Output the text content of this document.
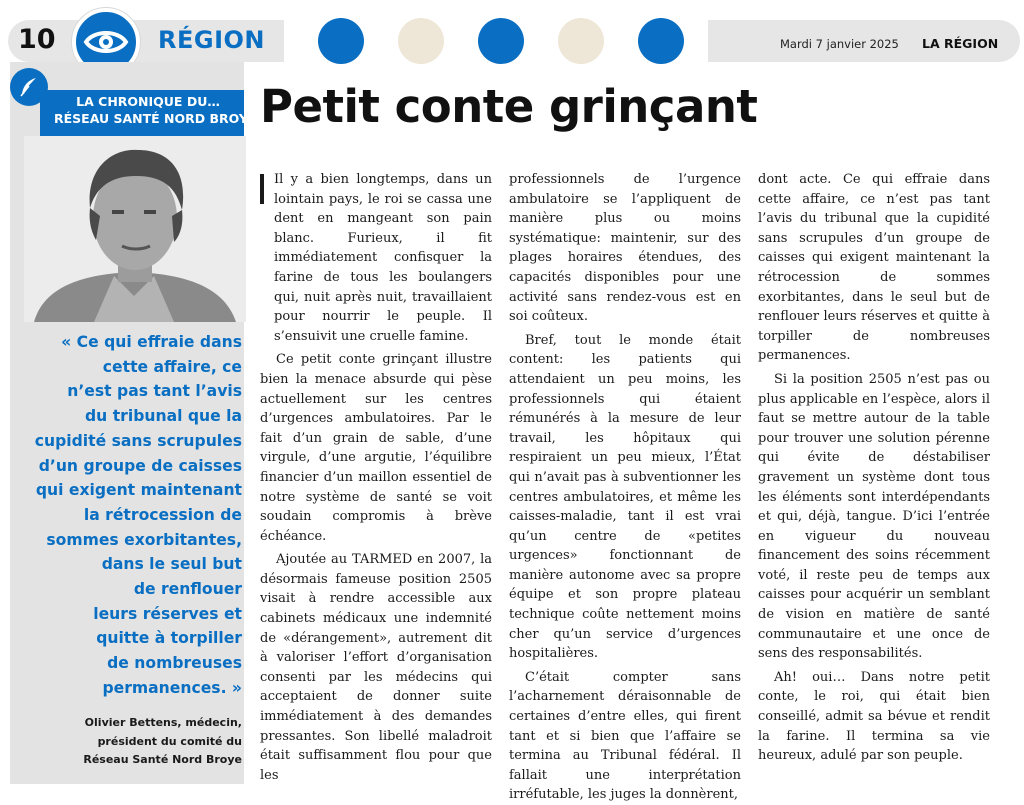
10	RÉGION	Mardi 7 janvier 2025 LA RÉGION
LA CHRONIQUE DU…
RÉSEAU SANTÉ NORD BROYE
« Ce qui effraie dans
cette affaire, ce
n’est pas tant l’avis
du tribunal que la
cupidité sans scrupules
d’un groupe de caisses
qui exigent maintenant
la rétrocession de
sommes exorbitantes,
dans le seul but
de renflouer
leurs réserves et
quitte à torpiller
de nombreuses
permanences. »
Olivier Bettens, médecin,
président du comité du
Réseau Santé Nord Broye
Petit conte grinçant

Il y a bien longtemps, dans un lointain pays, le roi se cassa une dent en mangeant son pain blanc. Furieux, il fit immédiatement confisquer la farine de tous les boulangers qui, nuit après nuit, travaillaient pour nourrir le peuple. Il s’ensuivit une cruelle famine.

Ce petit conte grinçant illustre bien la menace absurde qui pèse actuellement sur les centres d’urgences ambulatoires. Par le fait d’un grain de sable, d’une virgule, d’une argutie, l’équilibre financier d’un maillon essentiel de notre système de santé se voit soudain compromis à brève échéance.

Ajoutée au TARMED en 2007, la désormais fameuse position 2505 visait à rendre accessible aux cabinets médicaux une indemnité de «dérangement», autrement dit à valoriser l’effort d’organisation consenti par les médecins qui acceptaient de donner suite immédiatement à des demandes pressantes. Son libellé maladroit était suffisamment flou pour que les

professionnels de l’urgence ambulatoire se l’appliquent de manière plus ou moins systématique: maintenir, sur des plages horaires étendues, des capacités disponibles pour une activité sans rendez-vous est en soi coûteux.

Bref, tout le monde était content: les patients qui attendaient un peu moins, les professionnels qui étaient rémunérés à la mesure de leur travail, les hôpitaux qui respiraient un peu mieux, l’État qui n’avait pas à subventionner les centres ambulatoires, et même les caisses-maladie, tant il est vrai qu’un centre de «petites urgences» fonctionnant de manière autonome avec sa propre équipe et son propre plateau technique coûte nettement moins cher qu’un service d’urgences hospitalières.

C’était compter sans l’acharnement déraisonnable de certaines d’entre elles, qui firent tant et si bien que l’affaire se termina au Tribunal fédéral. Il fallait une interprétation irréfutable, les juges la donnèrent,

dont acte. Ce qui effraie dans cette affaire, ce n’est pas tant l’avis du tribunal que la cupidité sans scrupules d’un groupe de caisses qui exigent maintenant la rétrocession de sommes exorbitantes, dans le seul but de renflouer leurs réserves et quitte à torpiller de nombreuses permanences.

Si la position 2505 n’est pas ou plus applicable en l’espèce, alors il faut se mettre autour de la table pour trouver une solution pérenne qui évite de déstabiliser gravement un système dont tous les éléments sont interdépendants et qui, déjà, tangue. D’ici l’entrée en vigueur du nouveau financement des soins récemment voté, il reste peu de temps aux caisses pour acquérir un semblant de vision en matière de santé communautaire et une once de sens des responsabilités.

Ah! oui… Dans notre petit conte, le roi, qui était bien conseillé, admit sa bévue et rendit la farine. Il termina sa vie heureux, adulé par son peuple.
